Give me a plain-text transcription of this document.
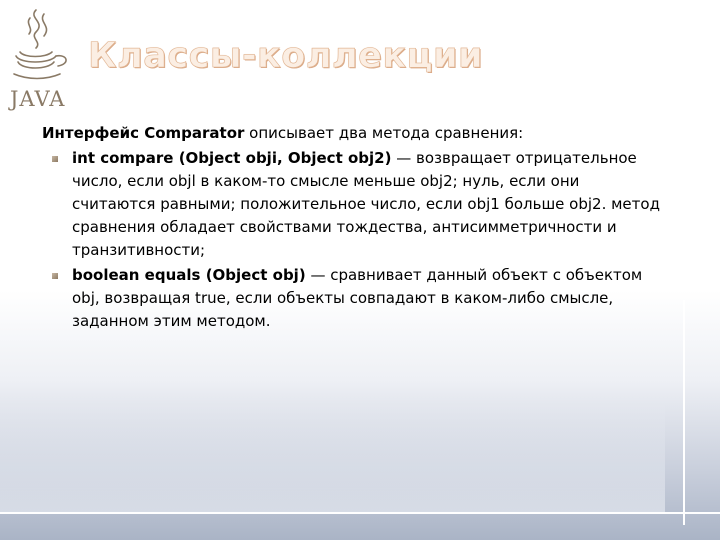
JAVA
Классы-коллекции

Интерфейс Comparator описывает два метода сравнения:

int compare (Object obji, Object obj2) — возвращает отрицательное число, если objl в каком-то смысле меньше obj2; нуль, если они считаются равными; положительное число, если obj1 больше obj2. метод сравнения обладает свойствами тождества, антисимметричности и транзитивности;
boolean equals (Object obj) — сравнивает данный объект с объектом obj, возвращая true, если объекты совпадают в каком-либо смысле, заданном этим методом.
